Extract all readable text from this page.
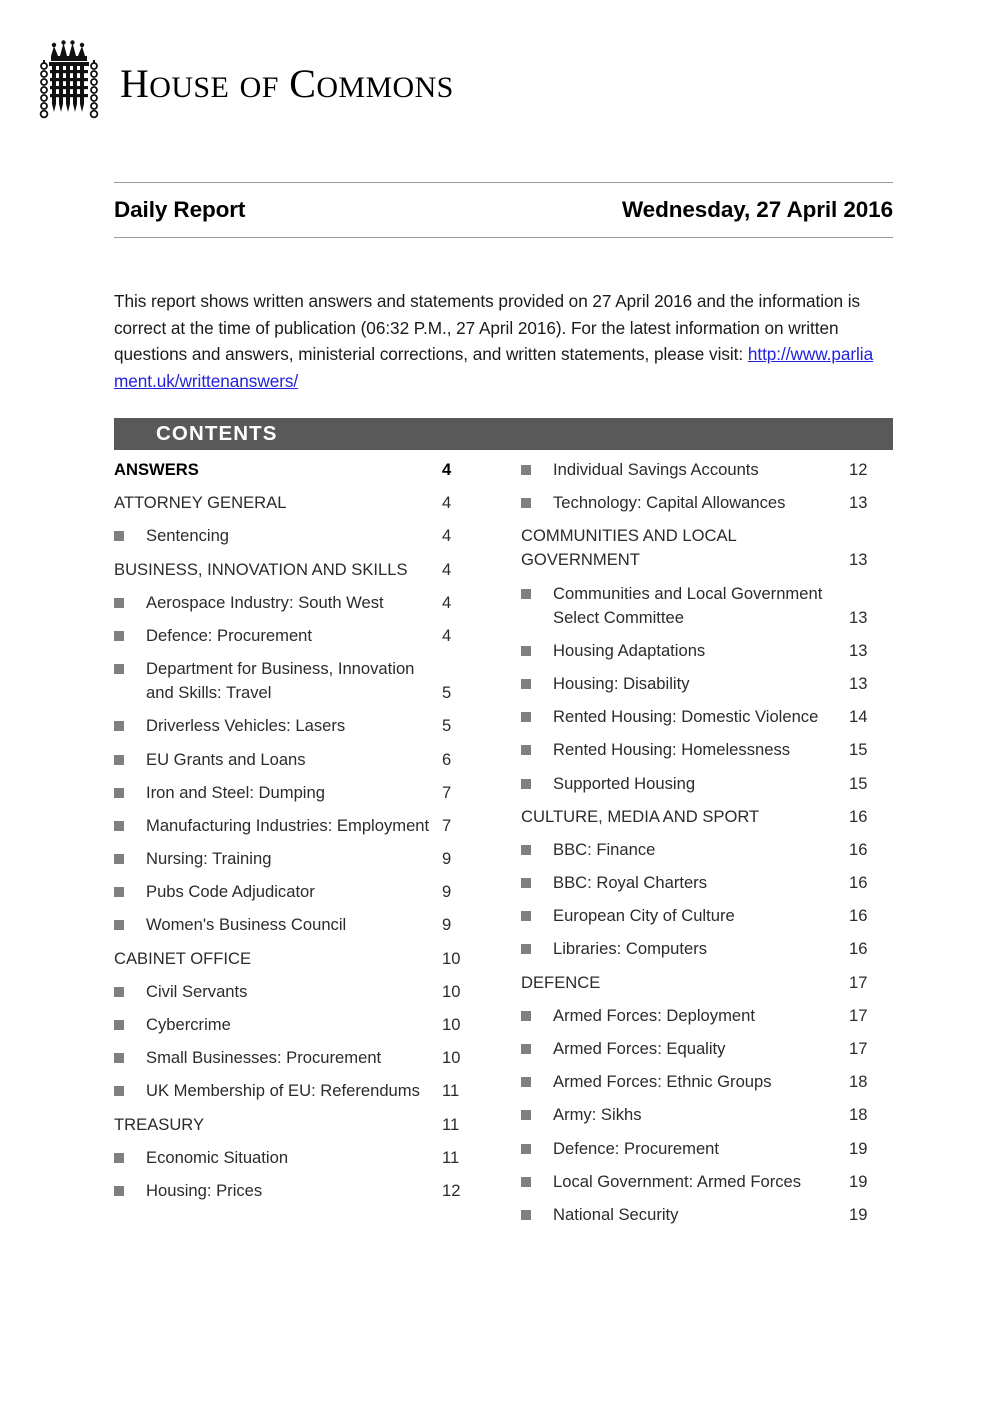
HOUSE OF COMMONS
Daily Report	Wednesday, 27 April 2016
This report shows written answers and statements provided on 27 April 2016 and the information is correct at the time of publication (06:32 P.M., 27 April 2016). For the latest information on written questions and answers, ministerial corrections, and written statements, please visit: http://www.parliament.uk/writtenanswers/
CONTENTS
ANSWERS	4
ATTORNEY GENERAL	4
Sentencing	4
BUSINESS, INNOVATION AND SKILLS	4
Aerospace Industry: South West	4
Defence: Procurement	4
Department for Business, Innovation and Skills: Travel	5
Driverless Vehicles: Lasers	5
EU Grants and Loans	6
Iron and Steel: Dumping	7
Manufacturing Industries: Employment 7
Nursing: Training	9
Pubs Code Adjudicator	9
Women's Business Council	9
CABINET OFFICE	10
Civil Servants	10
Cybercrime	10
Small Businesses: Procurement	10
UK Membership of EU: Referendums	11
TREASURY	11
Economic Situation	11
Housing: Prices	12
Individual Savings Accounts	12
Technology: Capital Allowances	13
COMMUNITIES AND LOCAL GOVERNMENT	13
Communities and Local Government Select Committee	13
Housing Adaptations	13
Housing: Disability	13
Rented Housing: Domestic Violence	14
Rented Housing: Homelessness	15
Supported Housing	15
CULTURE, MEDIA AND SPORT	16
BBC: Finance	16
BBC: Royal Charters	16
European City of Culture	16
Libraries: Computers	16
DEFENCE	17
Armed Forces: Deployment	17
Armed Forces: Equality	17
Armed Forces: Ethnic Groups	18
Army: Sikhs	18
Defence: Procurement	19
Local Government: Armed Forces	19
National Security	19
